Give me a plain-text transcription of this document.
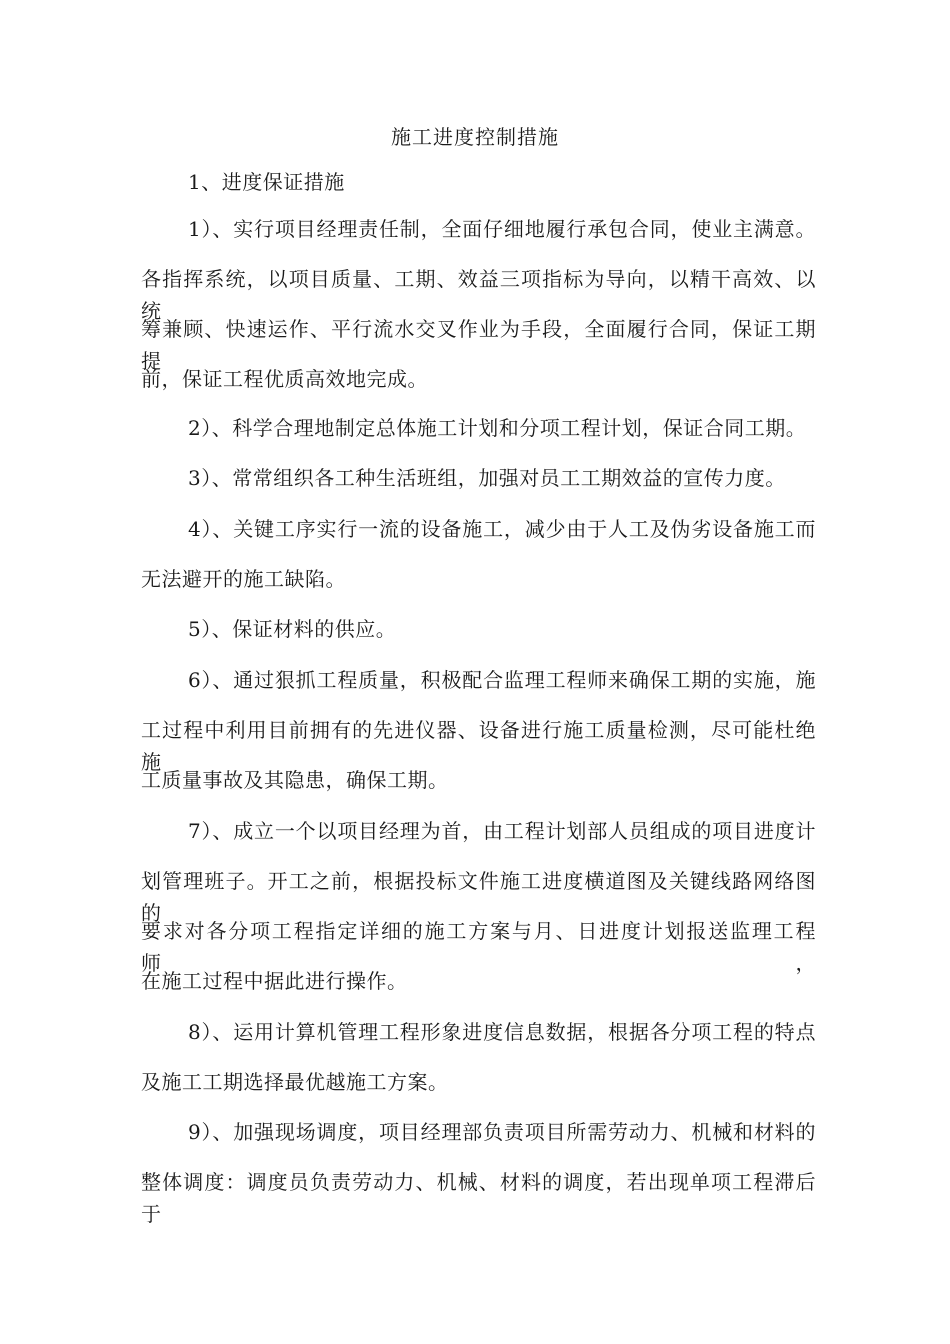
施工进度控制措施
1、进度保证措施
1）、实行项目经理责任制，全面仔细地履行承包合同，使业主满意。
各指挥系统，以项目质量、工期、效益三项指标为导向，以精干高效、以统
筹兼顾、快速运作、平行流水交叉作业为手段，全面履行合同，保证工期提
前，保证工程优质高效地完成。
2）、科学合理地制定总体施工计划和分项工程计划，保证合同工期。
3）、常常组织各工种生活班组，加强对员工工期效益的宣传力度。
4）、关键工序实行一流的设备施工，减少由于人工及伪劣设备施工而
无法避开的施工缺陷。
5）、保证材料的供应。
6）、通过狠抓工程质量，积极配合监理工程师来确保工期的实施，施
工过程中利用目前拥有的先进仪器、设备进行施工质量检测，尽可能杜绝施
工质量事故及其隐患，确保工期。
7）、成立一个以项目经理为首，由工程计划部人员组成的项目进度计
划管理班子。开工之前，根据投标文件施工进度横道图及关键线路网络图的
要求对各分项工程指定详细的施工方案与月、日进度计划报送监理工程师，
在施工过程中据此进行操作。
8）、运用计算机管理工程形象进度信息数据，根据各分项工程的特点
及施工工期选择最优越施工方案。
9）、加强现场调度，项目经理部负责项目所需劳动力、机械和材料的
整体调度：调度员负责劳动力、机械、材料的调度，若出现单项工程滞后于
